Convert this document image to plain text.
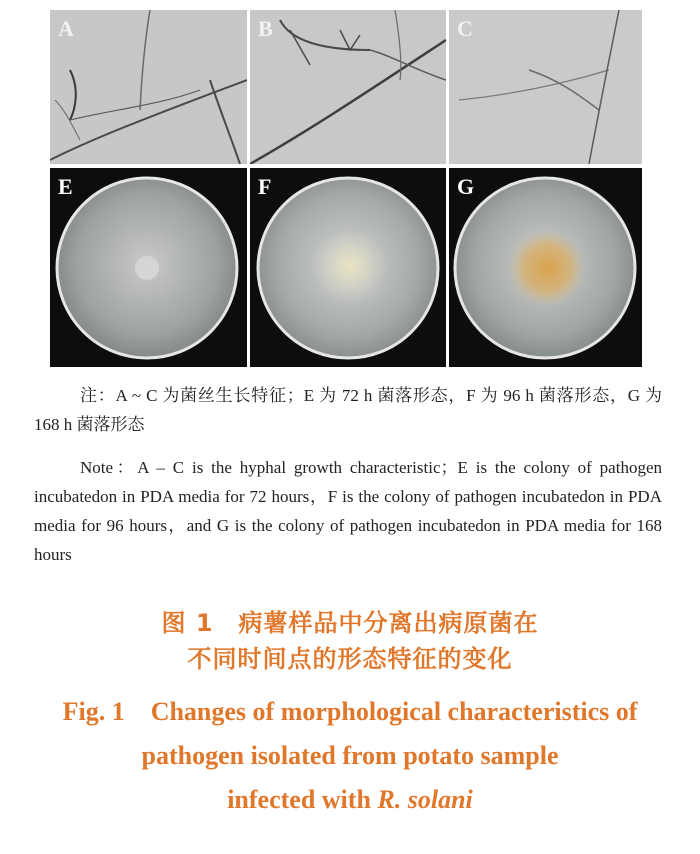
A	B	C
E	F	G
注：A ~ C 为菌丝生长特征；E 为 72 h 菌落形态，F 为 96 h 菌落形态，G 为 168 h 菌落形态
Note：A – C is the hyphal growth characteristic；E is the colony of pathogen incubatedon in PDA media for 72 hours，F is the colony of pathogen incubatedon in PDA media for 96 hours，and G is the colony of pathogen incubatedon in PDA media for 168 hours
图 1　病薯样品中分离出病原菌在
不同时间点的形态特征的变化
Fig. 1　Changes of morphological characteristics of
pathogen isolated from potato sample
infected with R. solani
